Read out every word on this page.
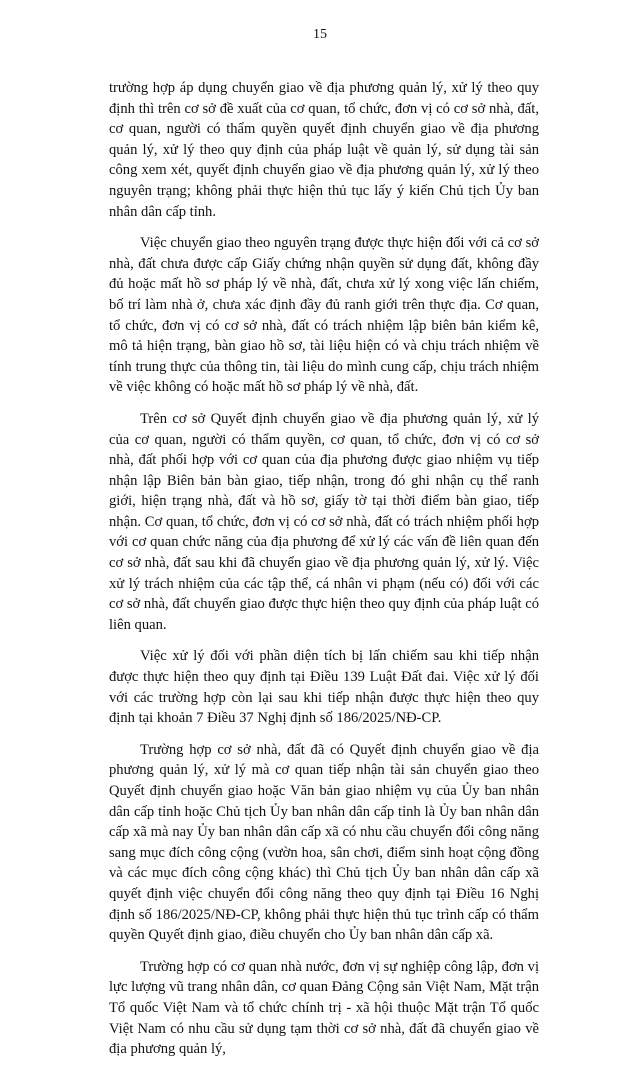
15

trường hợp áp dụng chuyển giao về địa phương quản lý, xử lý theo quy định thì trên cơ sở đề xuất của cơ quan, tổ chức, đơn vị có cơ sở nhà, đất, cơ quan, người có thẩm quyền quyết định chuyển giao về địa phương quản lý, xử lý theo quy định của pháp luật về quản lý, sử dụng tài sản công xem xét, quyết định chuyển giao về địa phương quản lý, xử lý theo nguyên trạng; không phải thực hiện thủ tục lấy ý kiến Chủ tịch Ủy ban nhân dân cấp tỉnh.

Việc chuyển giao theo nguyên trạng được thực hiện đối với cả cơ sở nhà, đất chưa được cấp Giấy chứng nhận quyền sử dụng đất, không đầy đủ hoặc mất hồ sơ pháp lý về nhà, đất, chưa xử lý xong việc lấn chiếm, bố trí làm nhà ở, chưa xác định đầy đủ ranh giới trên thực địa. Cơ quan, tổ chức, đơn vị có cơ sở nhà, đất có trách nhiệm lập biên bản kiểm kê, mô tả hiện trạng, bàn giao hồ sơ, tài liệu hiện có và chịu trách nhiệm về tính trung thực của thông tin, tài liệu do mình cung cấp, chịu trách nhiệm về việc không có hoặc mất hồ sơ pháp lý về nhà, đất.

Trên cơ sở Quyết định chuyển giao về địa phương quản lý, xử lý của cơ quan, người có thẩm quyền, cơ quan, tổ chức, đơn vị có cơ sở nhà, đất phối hợp với cơ quan của địa phương được giao nhiệm vụ tiếp nhận lập Biên bản bàn giao, tiếp nhận, trong đó ghi nhận cụ thể ranh giới, hiện trạng nhà, đất và hồ sơ, giấy tờ tại thời điểm bàn giao, tiếp nhận. Cơ quan, tổ chức, đơn vị có cơ sở nhà, đất có trách nhiệm phối hợp với cơ quan chức năng của địa phương để xử lý các vấn đề liên quan đến cơ sở nhà, đất sau khi đã chuyển giao về địa phương quản lý, xử lý. Việc xử lý trách nhiệm của các tập thể, cá nhân vi phạm (nếu có) đối với các cơ sở nhà, đất chuyển giao được thực hiện theo quy định của pháp luật có liên quan.

Việc xử lý đối với phần diện tích bị lấn chiếm sau khi tiếp nhận được thực hiện theo quy định tại Điều 139 Luật Đất đai. Việc xử lý đối với các trường hợp còn lại sau khi tiếp nhận được thực hiện theo quy định tại khoản 7 Điều 37 Nghị định số 186/2025/NĐ-CP.

Trường hợp cơ sở nhà, đất đã có Quyết định chuyển giao về địa phương quản lý, xử lý mà cơ quan tiếp nhận tài sản chuyển giao theo Quyết định chuyển giao hoặc Văn bản giao nhiệm vụ của Ủy ban nhân dân cấp tỉnh hoặc Chủ tịch Ủy ban nhân dân cấp tỉnh là Ủy ban nhân dân cấp xã mà nay Ủy ban nhân dân cấp xã có nhu cầu chuyển đổi công năng sang mục đích công cộng (vườn hoa, sân chơi, điểm sinh hoạt cộng đồng và các mục đích công cộng khác) thì Chủ tịch Ủy ban nhân dân cấp xã quyết định việc chuyển đổi công năng theo quy định tại Điều 16 Nghị định số 186/2025/NĐ-CP, không phải thực hiện thủ tục trình cấp có thẩm quyền Quyết định giao, điều chuyển cho Ủy ban nhân dân cấp xã.

Trường hợp có cơ quan nhà nước, đơn vị sự nghiệp công lập, đơn vị lực lượng vũ trang nhân dân, cơ quan Đảng Cộng sản Việt Nam, Mặt trận Tổ quốc Việt Nam và tổ chức chính trị - xã hội thuộc Mặt trận Tổ quốc Việt Nam có nhu cầu sử dụng tạm thời cơ sở nhà, đất đã chuyển giao về địa phương quản lý,
